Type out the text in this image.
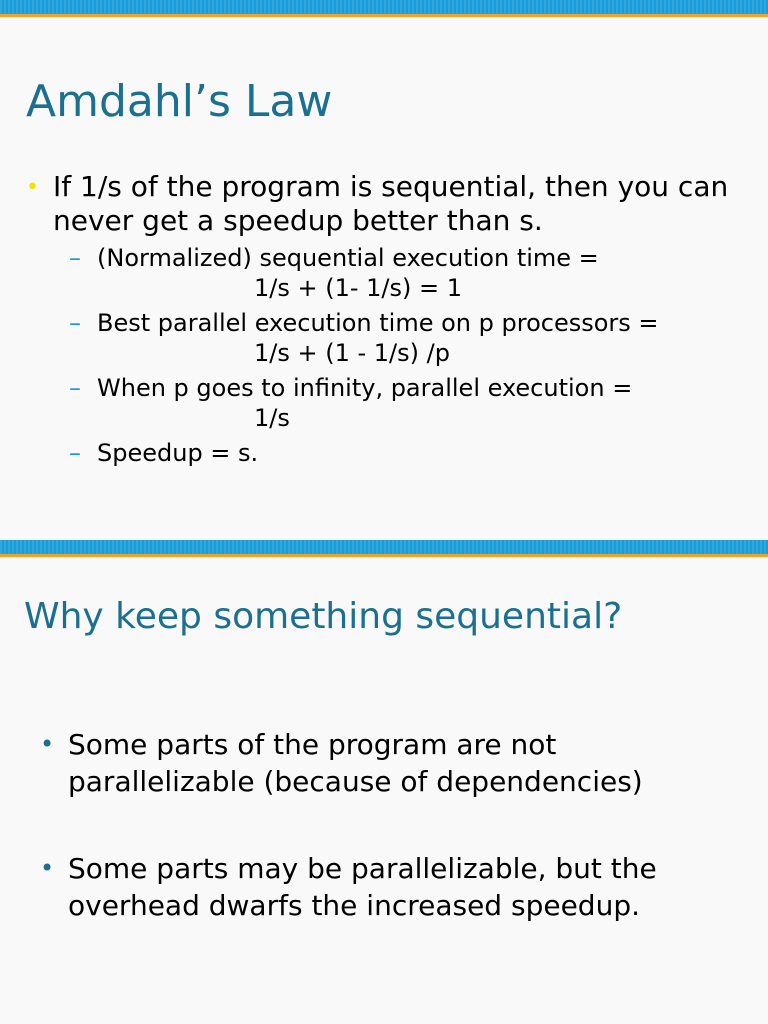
Amdahl’s Law
• If 1/s of the program is sequential, then you can never get a speedup better than s.
– (Normalized) sequential execution time =
1/s + (1- 1/s) = 1
– Best parallel execution time on p processors =
1/s + (1 - 1/s) /p
– When p goes to infinity, parallel execution =
1/s
– Speedup = s.
Why keep something sequential?
• Some parts of the program are not parallelizable (because of dependencies)
• Some parts may be parallelizable, but the overhead dwarfs the increased speedup.
